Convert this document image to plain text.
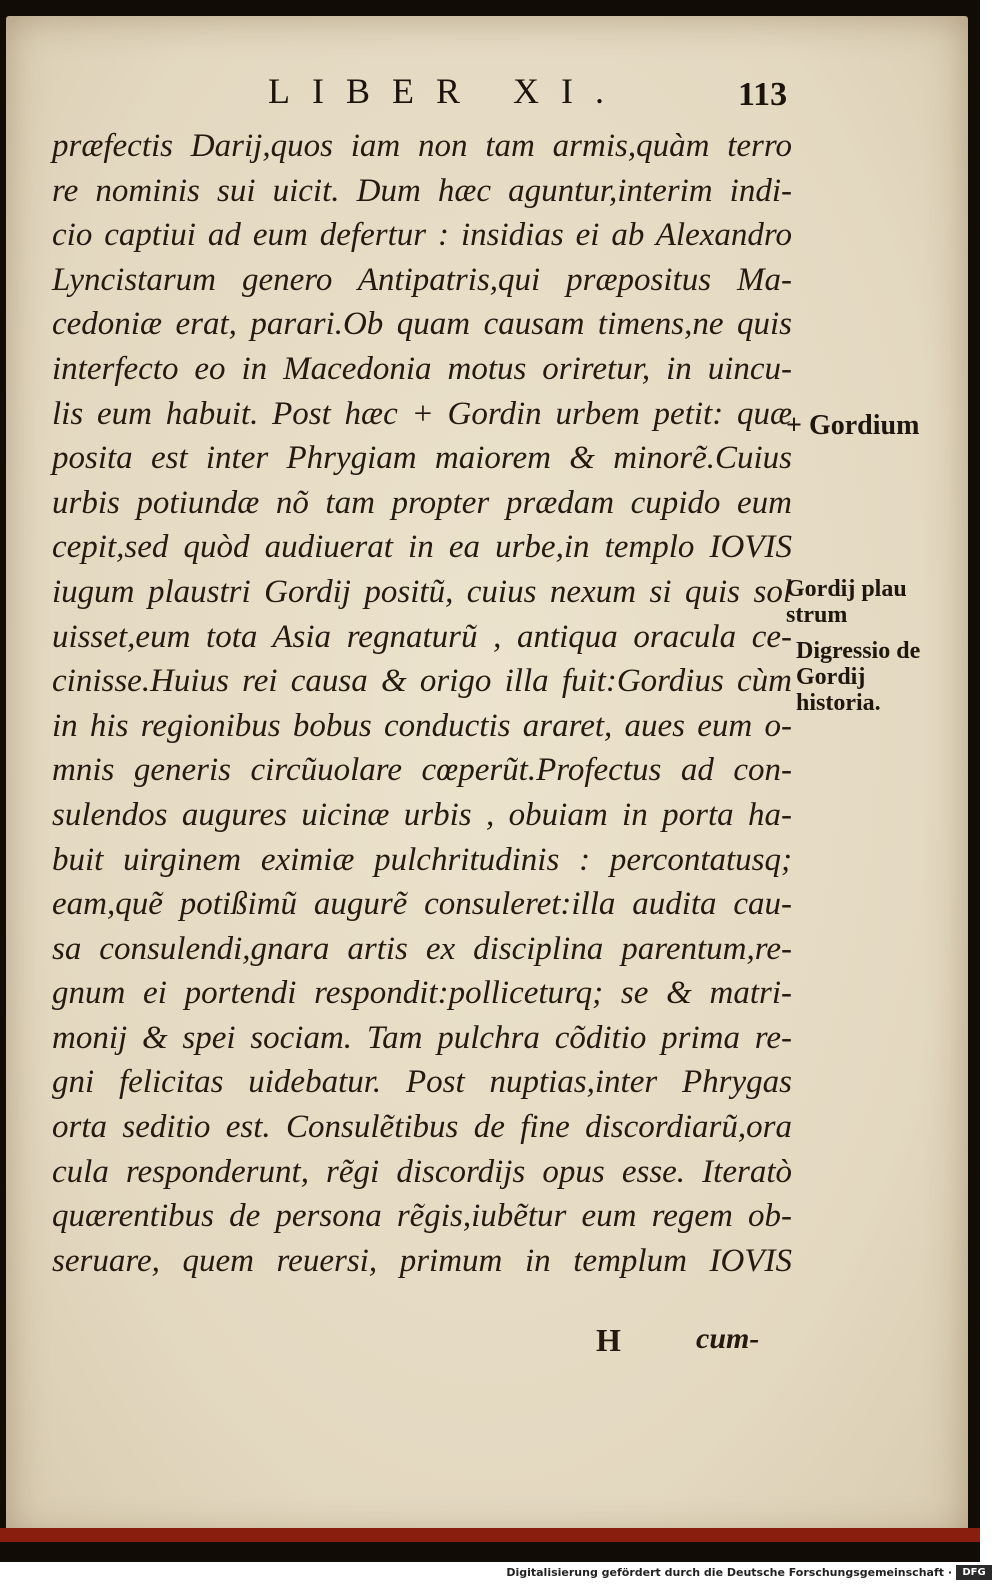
LIBER XI.	113
præfectis Darij,quos iam non tam armis,quàm terro
re nominis sui uicit. Dum hæc aguntur,interim indi-
cio captiui ad eum defertur : insidias ei ab Alexandro
Lyncistarum genero Antipatris,qui præpositus Ma-
cedoniæ erat, parari.Ob quam causam timens,ne quis
interfecto eo in Macedonia motus oriretur, in uincu-
lis eum habuit. Post hæc + Gordin urbem petit: quæ
posita est inter Phrygiam maiorem & minorẽ.Cuius
urbis potiundæ nõ tam propter prædam cupido eum
cepit,sed quòd audiuerat in ea urbe,in templo IOVIS
iugum plaustri Gordij positũ, cuius nexum si quis sol
uisset,eum tota Asia regnaturũ , antiqua oracula ce-
cinisse.Huius rei causa & origo illa fuit:Gordius cùm
in his regionibus bobus conductis araret, aues eum o-
mnis generis circũuolare cœperũt.Profectus ad con-
sulendos augures uicinæ urbis , obuiam in porta ha-
buit uirginem eximiæ pulchritudinis : percontatusq;
eam,quẽ potißimũ augurẽ consuleret:illa audita cau-
sa consulendi,gnara artis ex disciplina parentum,re-
gnum ei portendi respondit:polliceturq; se & matri-
monij & spei sociam. Tam pulchra cõditio prima re-
gni felicitas uidebatur. Post nuptias,inter Phrygas
orta seditio est. Consulẽtibus de fine discordiarũ,ora
cula responderunt, rẽgi discordijs opus esse. Iteratò
quærentibus de persona rẽgis,iubẽtur eum regem ob-
seruare, quem reuersi, primum in templum IOVIS
+ Gordium
Gordij plau strum
Digressio de Gordij historia.
H	cum-
Digitalisierung gefördert durch die Deutsche Forschungsgemeinschaft ·	DFG
